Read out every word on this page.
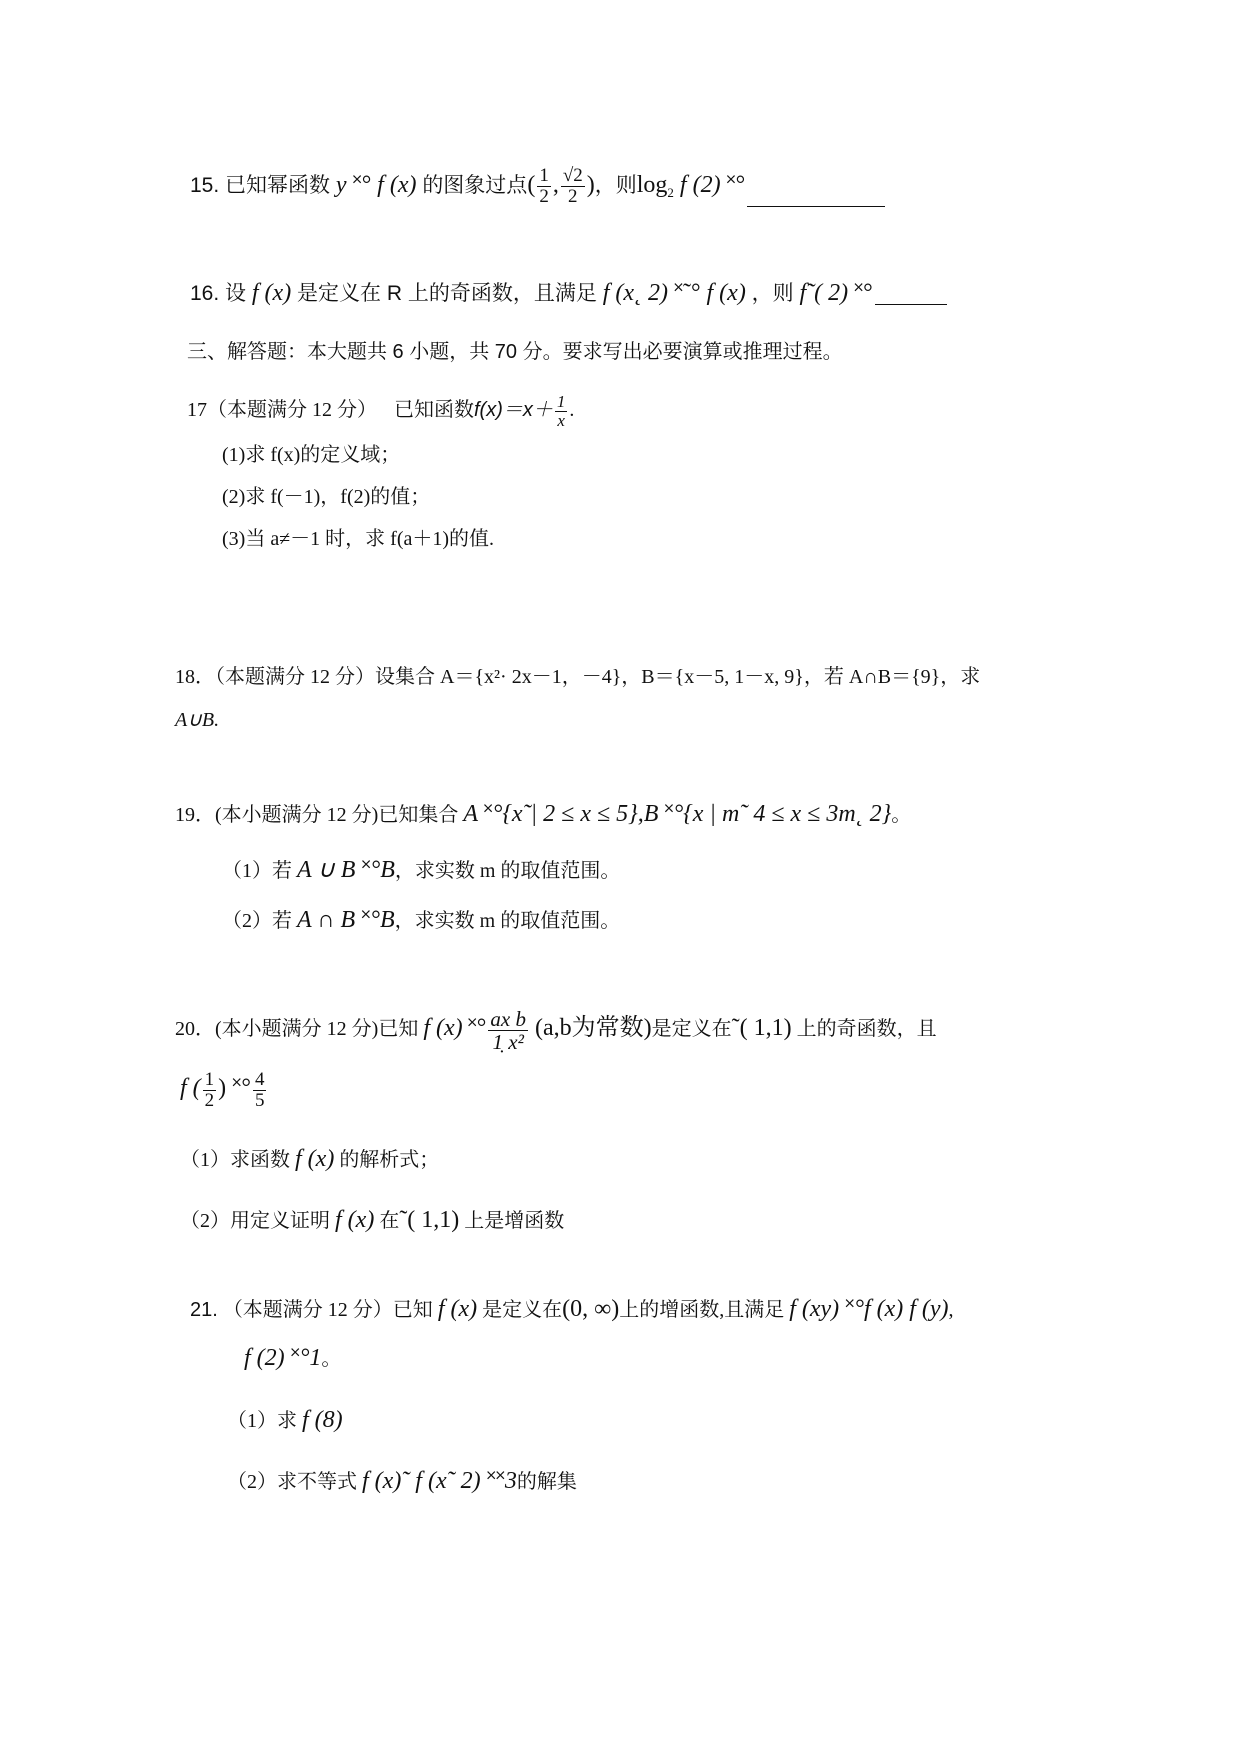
15. 已知幂函数 y ˟° f (x) 的图象过点( $\frac{1}{2}$ , $\frac{√2}{2}$ )，则$\log_2 f$ (2) ˟°
16. 设 f (x) 是定义在 R 上的奇函数，且满足 f (x˛ 2) ˟˜° f (x) ，则 f˜( 2) ˟°
三、解答题：本大题共 6 小题，共 70 分。要求写出必要演算或推理过程。
17（本题满分 12 分） 已知函数$f(x)=x+ \frac{1}{x}$ .
(1)求 f(x)的定义域；
(2)求 f(－1)，f(2)的值；
(3)当 a≠－1 时，求 f(a＋1)的值.
18．（本题满分 12 分）设集合 A＝{x²· 2x－1，－4}，B＝{x－5, 1－x, 9}，若 A∩B＝{9}，求
A∪B.
19．(本小题满分 12 分)已知集合 A ˟°{x˜| 2 ≤ x ≤ 5},B ˟°{x | m˜ 4 ≤ x ≤ 3m˛ 2}。
（1）若 A ∪ B ˟°B，求实数 m 的取值范围。
（2）若 A ∩ B ˟°B，求实数 m 的取值范围。
20．(本小题满分 12 分)已知 f (x) ˟° $\frac{\text{ax b}}{\text{1̣ x²}} (a,b$为常数)是定义在˜( 1,1) 上的奇函数，且
f ( $\frac{1}{2}$ ) ˟° $\frac{4}{5}$
（1）求函数 f (x) 的解析式；
（2）用定义证明 f (x) 在˜( 1,1) 上是增函数
21. （本题满分 12 分）已知 f (x) 是定义在(0, ∞)上的增函数,且满足 f (xy) ˟°f (x) f (y),
f (2) ˟°1。
（1）求 f (8)
（2）求不等式 f (x)˜ f (x˜ 2) ˟˟3的解集
